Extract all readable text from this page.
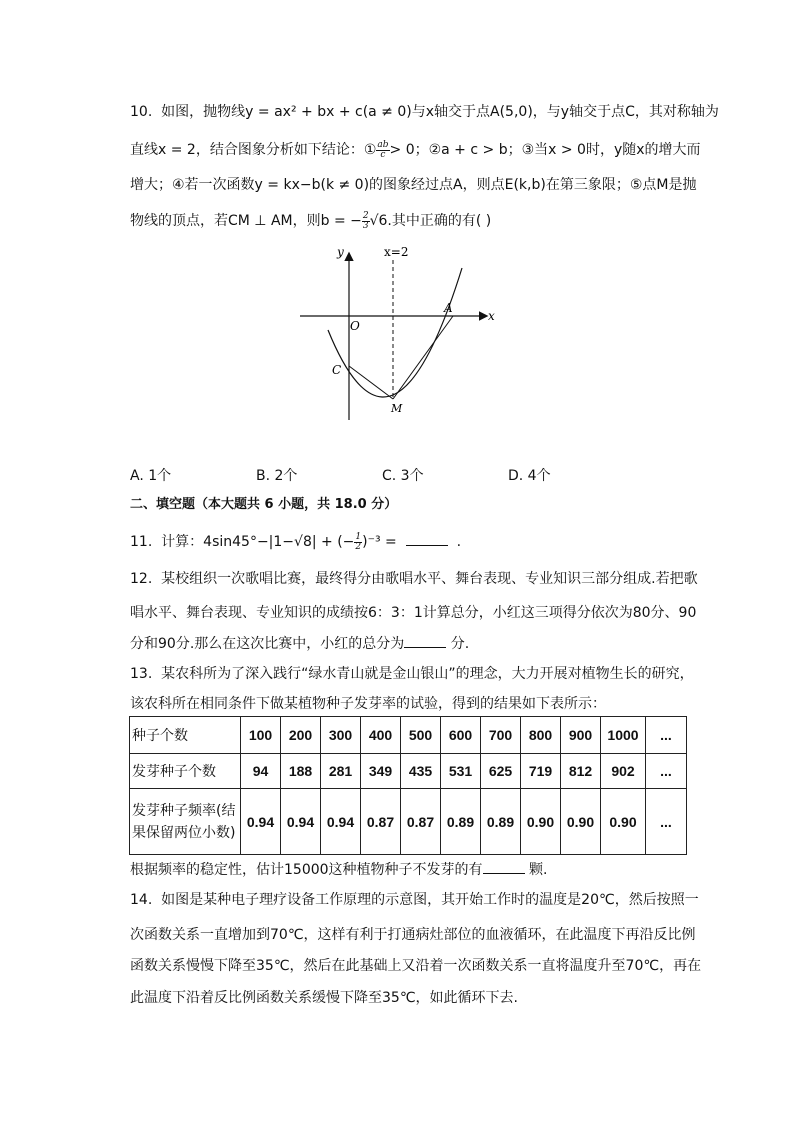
10. 如图，抛物线y = ax² + bx + c(a ≠ 0)与x轴交于点A(5,0)，与y轴交于点C，其对称轴为
直线x = 2，结合图象分析如下结论：① $\frac{ab}{c} > 0$；②a + c > b；③当x > 0时，y随x的增大而
增大；④若一次函数y = kx−b(k ≠ 0)的图象经过点A，则点E(k,b)在第三象限；⑤点M是抛
物线的顶点，若CM ⊥ AM，则b = − $\frac{2}{3} √6$.其中正确的有( )
y
x
x=2
O
A
C
M
A. 1个	B. 2个	C. 3个	D. 4个
二、填空题（本大题共 6 小题，共 18.0 分）
11. 计算：4sin45°−|1−√8| + (− $\frac{1}{2} )^{-3}$ =	.
12. 某校组织一次歌唱比赛，最终得分由歌唱水平、舞台表现、专业知识三部分组成.若把歌
唱水平、舞台表现、专业知识的成绩按6：3：1计算总分，小红这三项得分依次为80分、90
分和90分.那么在这次比赛中，小红的总分为	分.
13. 某农科所为了深入践行“绿水青山就是金山银山”的理念，大力开展对植物生长的研究，
该农科所在相同条件下做某植物种子发芽率的试验，得到的结果如下表所示：
种子个数	100	200	300	400	500	600	700	800	900	1000	...
发芽种子个数	94	188	281	349	435	531	625	719	812	902	...
发芽种子频率(结
果保留两位小数)	0.94	0.94	0.94	0.87	0.87	0.89	0.89	0.90	0.90	0.90	...
根据频率的稳定性，估计15000这种植物种子不发芽的有	颗.
14. 如图是某种电子理疗设备工作原理的示意图，其开始工作时的温度是20℃，然后按照一
次函数关系一直增加到70℃，这样有利于打通病灶部位的血液循环，在此温度下再沿反比例
函数关系慢慢下降至35℃，然后在此基础上又沿着一次函数关系一直将温度升至70℃，再在
此温度下沿着反比例函数关系缓慢下降至35℃，如此循环下去.
